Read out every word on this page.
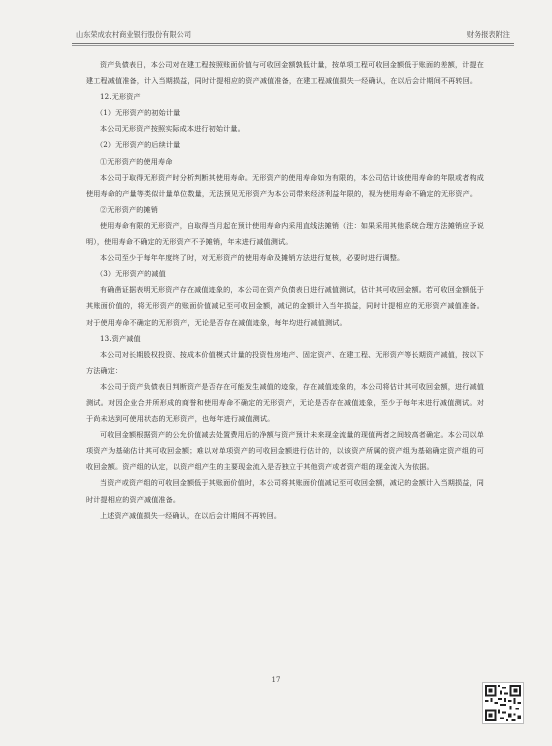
山东荣成农村商业银行股份有限公司	财务报表附注

资产负债表日，本公司对在建工程按照账面价值与可收回金额孰低计量，按单项工程可收回金额低于账面的差额，计提在建工程减值准备，计入当期损益，同时计提相应的资产减值准备，在建工程减值损失一经确认，在以后会计期间不再转回。

12.无形资产

（1）无形资产的初始计量

本公司无形资产按照实际成本进行初始计量。

（2）无形资产的后续计量

①无形资产的使用寿命

本公司于取得无形资产时分析判断其使用寿命。无形资产的使用寿命如为有限的，本公司估计该使用寿命的年限或者构成使用寿命的产量等类似计量单位数量，无法预见无形资产为本公司带来经济利益年限的，视为使用寿命不确定的无形资产。

②无形资产的摊销

使用寿命有限的无形资产，自取得当月起在预计使用寿命内采用直线法摊销（注：如果采用其他系统合理方法摊销应予说明），使用寿命不确定的无形资产不予摊销，年末进行减值测试。

本公司至少于每年年度终了时，对无形资产的使用寿命及摊销方法进行复核，必要时进行调整。

（3）无形资产的减值

有确凿证据表明无形资产存在减值迹象的，本公司在资产负债表日进行减值测试，估计其可收回金额。若可收回金额低于其账面价值的，将无形资产的账面价值减记至可收回金额，减记的金额计入当年损益，同时计提相应的无形资产减值准备。对于使用寿命不确定的无形资产，无论是否存在减值迹象，每年均进行减值测试。

13.资产减值

本公司对长期股权投资、按成本价值模式计量的投资性房地产、固定资产、在建工程、无形资产等长期资产减值，按以下方法确定：

本公司于资产负债表日判断资产是否存在可能发生减值的迹象，存在减值迹象的，本公司将估计其可收回金额，进行减值测试。对因企业合并所形成的商誉和使用寿命不确定的无形资产，无论是否存在减值迹象，至少于每年末进行减值测试。对于尚未达到可使用状态的无形资产，也每年进行减值测试。

可收回金额根据资产的公允价值减去处置费用后的净额与资产预计未来现金流量的现值两者之间较高者确定。本公司以单项资产为基础估计其可收回金额；难以对单项资产的可收回金额进行估计的，以该资产所属的资产组为基础确定资产组的可收回金额。资产组的认定，以资产组产生的主要现金流入是否独立于其他资产或者资产组的现金流入为依据。

当资产或资产组的可收回金额低于其账面价值时，本公司将其账面价值减记至可收回金额，减记的金额计入当期损益，同时计提相应的资产减值准备。

上述资产减值损失一经确认，在以后会计期间不再转回。

17
